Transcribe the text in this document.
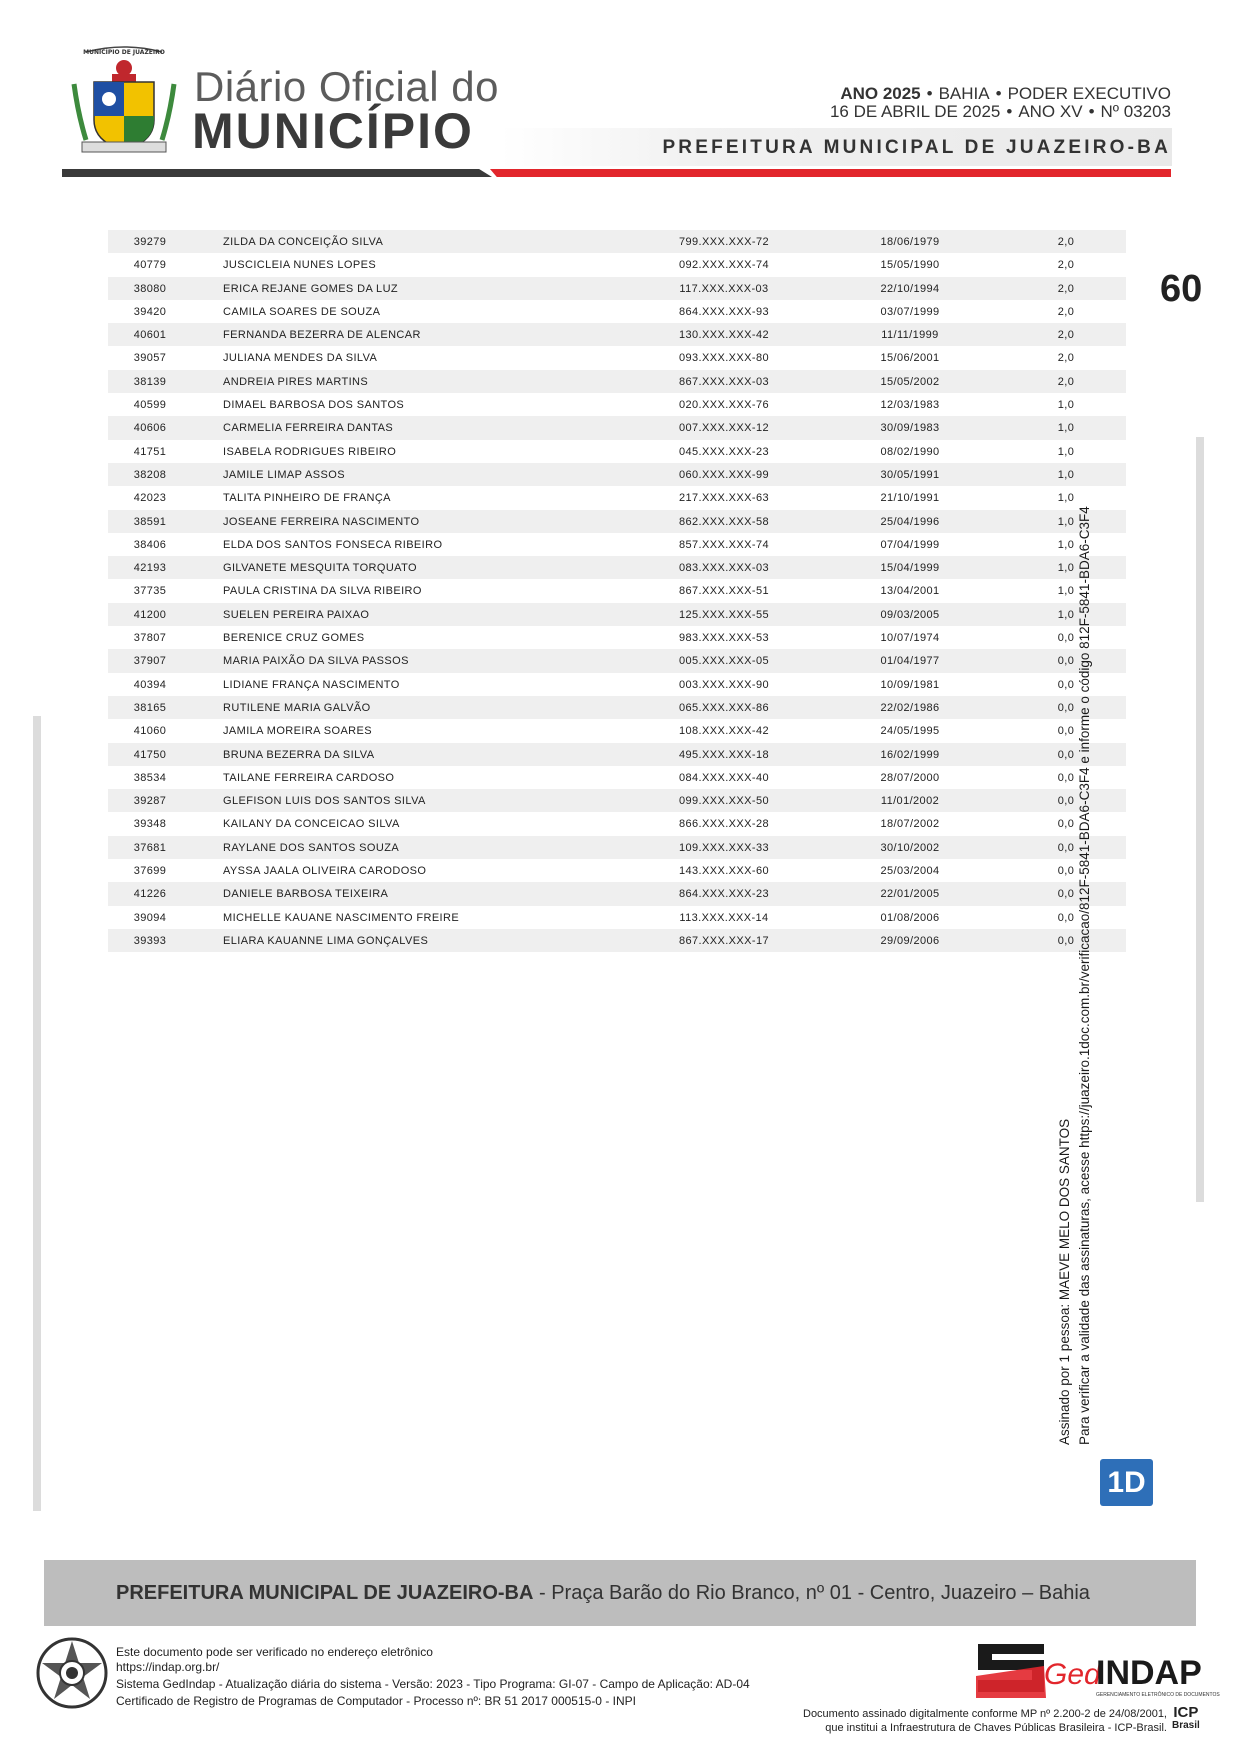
MUNICÍPIO DE JUAZEIRO
Diário Oficial do
MUNICÍPIO
ANO 2025 • BAHIA • PODER EXECUTIVO
16 DE ABRIL DE 2025 • ANO XV • Nº 03203
PREFEITURA MUNICIPAL DE JUAZEIRO-BA
60
39279	ZILDA DA CONCEIÇÃO SILVA	799.XXX.XXX-72	18/06/1979	2,0
40779	JUSCICLEIA NUNES LOPES	092.XXX.XXX-74	15/05/1990	2,0
38080	ERICA REJANE GOMES DA LUZ	117.XXX.XXX-03	22/10/1994	2,0
39420	CAMILA SOARES DE SOUZA	864.XXX.XXX-93	03/07/1999	2,0
40601	FERNANDA BEZERRA DE ALENCAR	130.XXX.XXX-42	11/11/1999	2,0
39057	JULIANA MENDES DA SILVA	093.XXX.XXX-80	15/06/2001	2,0
38139	ANDREIA PIRES MARTINS	867.XXX.XXX-03	15/05/2002	2,0
40599	DIMAEL BARBOSA DOS SANTOS	020.XXX.XXX-76	12/03/1983	1,0
40606	CARMELIA FERREIRA DANTAS	007.XXX.XXX-12	30/09/1983	1,0
41751	ISABELA RODRIGUES RIBEIRO	045.XXX.XXX-23	08/02/1990	1,0
38208	JAMILE LIMAP ASSOS	060.XXX.XXX-99	30/05/1991	1,0
42023	TALITA PINHEIRO DE FRANÇA	217.XXX.XXX-63	21/10/1991	1,0
38591	JOSEANE FERREIRA NASCIMENTO	862.XXX.XXX-58	25/04/1996	1,0
38406	ELDA DOS SANTOS FONSECA RIBEIRO	857.XXX.XXX-74	07/04/1999	1,0
42193	GILVANETE MESQUITA TORQUATO	083.XXX.XXX-03	15/04/1999	1,0
37735	PAULA CRISTINA DA SILVA RIBEIRO	867.XXX.XXX-51	13/04/2001	1,0
41200	SUELEN PEREIRA PAIXAO	125.XXX.XXX-55	09/03/2005	1,0
37807	BERENICE CRUZ GOMES	983.XXX.XXX-53	10/07/1974	0,0
37907	MARIA PAIXÃO DA SILVA PASSOS	005.XXX.XXX-05	01/04/1977	0,0
40394	LIDIANE FRANÇA NASCIMENTO	003.XXX.XXX-90	10/09/1981	0,0
38165	RUTILENE MARIA GALVÃO	065.XXX.XXX-86	22/02/1986	0,0
41060	JAMILA MOREIRA SOARES	108.XXX.XXX-42	24/05/1995	0,0
41750	BRUNA BEZERRA DA SILVA	495.XXX.XXX-18	16/02/1999	0,0
38534	TAILANE FERREIRA CARDOSO	084.XXX.XXX-40	28/07/2000	0,0
39287	GLEFISON LUIS DOS SANTOS SILVA	099.XXX.XXX-50	11/01/2002	0,0
39348	KAILANY DA CONCEICAO SILVA	866.XXX.XXX-28	18/07/2002	0,0
37681	RAYLANE DOS SANTOS SOUZA	109.XXX.XXX-33	30/10/2002	0,0
37699	AYSSA JAALA OLIVEIRA CARODOSO	143.XXX.XXX-60	25/03/2004	0,0
41226	DANIELE BARBOSA TEIXEIRA	864.XXX.XXX-23	22/01/2005	0,0
39094	MICHELLE KAUANE NASCIMENTO FREIRE	113.XXX.XXX-14	01/08/2006	0,0
39393	ELIARA KAUANNE LIMA GONÇALVES	867.XXX.XXX-17	29/09/2006	0,0
Assinado por 1 pessoa: MAEVE MELO DOS SANTOS Para verificar a validade das assinaturas, acesse https://juazeiro.1doc.com.br/verificacao/812F-5841-BDA6-C3F4 e informe o código 812F-5841-BDA6-C3F4
1D
PREFEITURA MUNICIPAL DE JUAZEIRO-BA - Praça Barão do Rio Branco, nº 01 - Centro, Juazeiro – Bahia
Este documento pode ser verificado no endereço eletrônico
https://indap.org.br/
Sistema GedIndap - Atualização diária do sistema - Versão: 2023 - Tipo Programa: GI-07 - Campo de Aplicação: AD-04
Certificado de Registro de Programas de Computador - Processo nº: BR 51 2017 000515-0 - INPI
Ged
INDAP
GERENCIAMENTO ELETRÔNICO DE DOCUMENTOS
Documento assinado digitalmente conforme MP nº 2.200-2 de 24/08/2001,
que institui a Infraestrutura de Chaves Públicas Brasileira - ICP-Brasil.
ICP
Brasil
